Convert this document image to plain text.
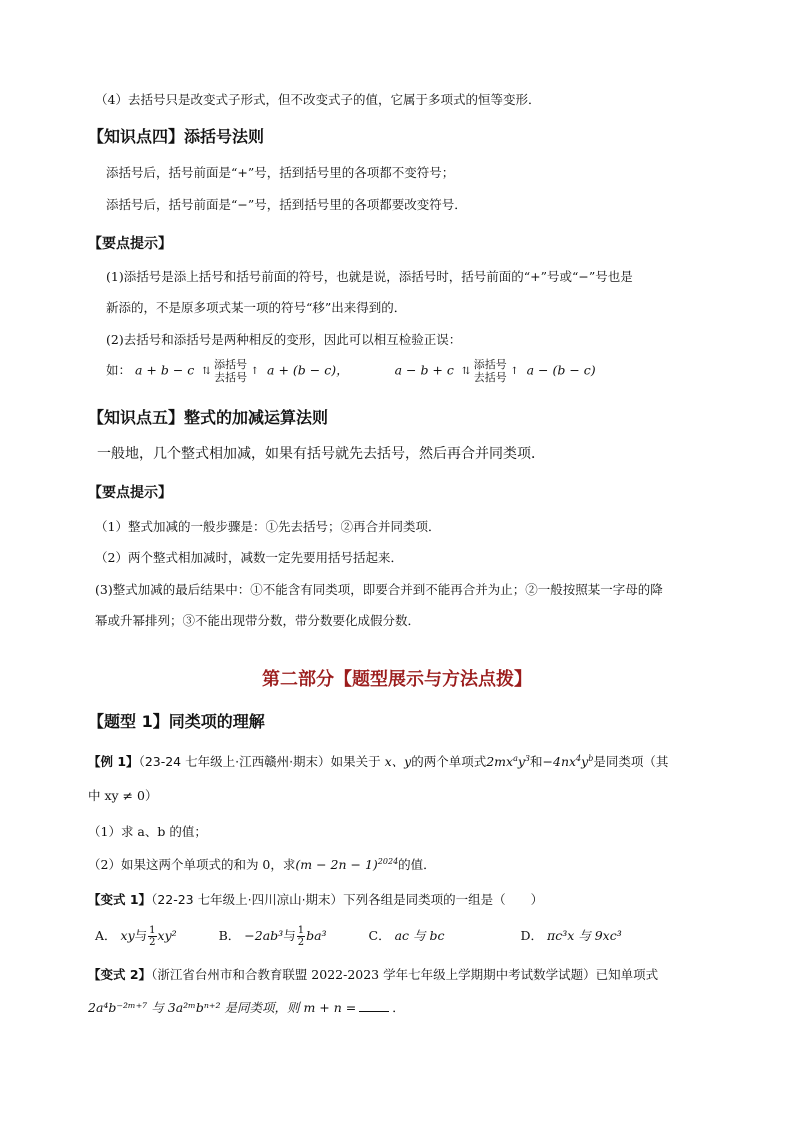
（4）去括号只是改变式子形式，但不改变式子的值，它属于多项式的恒等变形．
【知识点四】添括号法则
添括号后，括号前面是“+”号，括到括号里的各项都不变符号；
添括号后，括号前面是“−”号，括到括号里的各项都要改变符号．
【要点提示】
(1)添括号是添上括号和括号前面的符号，也就是说，添括号时，括号前面的“+”号或“−”号也是
新添的，不是原多项式某一项的符号“移”出来得到的．
(2)去括号和添括号是两种相反的变形，因此可以相互检验正误：
如： a + b − c ⇅ 添括号
去括号 ↑ a + (b − c)，	a − b + c ⇅ 添括号
去括号 ↑ a − (b − c)
【知识点五】整式的加减运算法则
一般地，几个整式相加减，如果有括号就先去括号，然后再合并同类项．
【要点提示】
（1）整式加减的一般步骤是：①先去括号；②再合并同类项．
（2）两个整式相加减时，减数一定先要用括号括起来．
(3)整式加减的最后结果中：①不能含有同类项，即要合并到不能再合并为止；②一般按照某一字母的降
幂或升幂排列；③不能出现带分数，带分数要化成假分数．
第二部分【题型展示与方法点拨】
【题型 1】同类项的理解
【例 1】（23-24 七年级上·江西赣州·期末）如果关于 x、y的两个单项式$2mx^ay^3$和$-4nx^4y^b$是同类项（其
中 xy ≠ 0）
（1）求 a、b 的值；
（2）如果这两个单项式的和为 0，求$(m - 2n - 1)^{2024}$的值．
【变式 1】（22-23 七年级上·四川凉山·期末）下列各组是同类项的一组是（　　）
A． xy与 $\frac{1}{2} xy^2$	B． −2ab³与 $\frac{1}{2} ba^3$	C． ac 与 bc	D． πc³x 与 9xc³
【变式 2】（浙江省台州市和合教育联盟 2022-2023 学年七年级上学期期中考试数学试题）已知单项式
2a⁴b⁻²ᵐ⁺⁷ 与 3a²ᵐbⁿ⁺² 是同类项，则 m + n =	．
